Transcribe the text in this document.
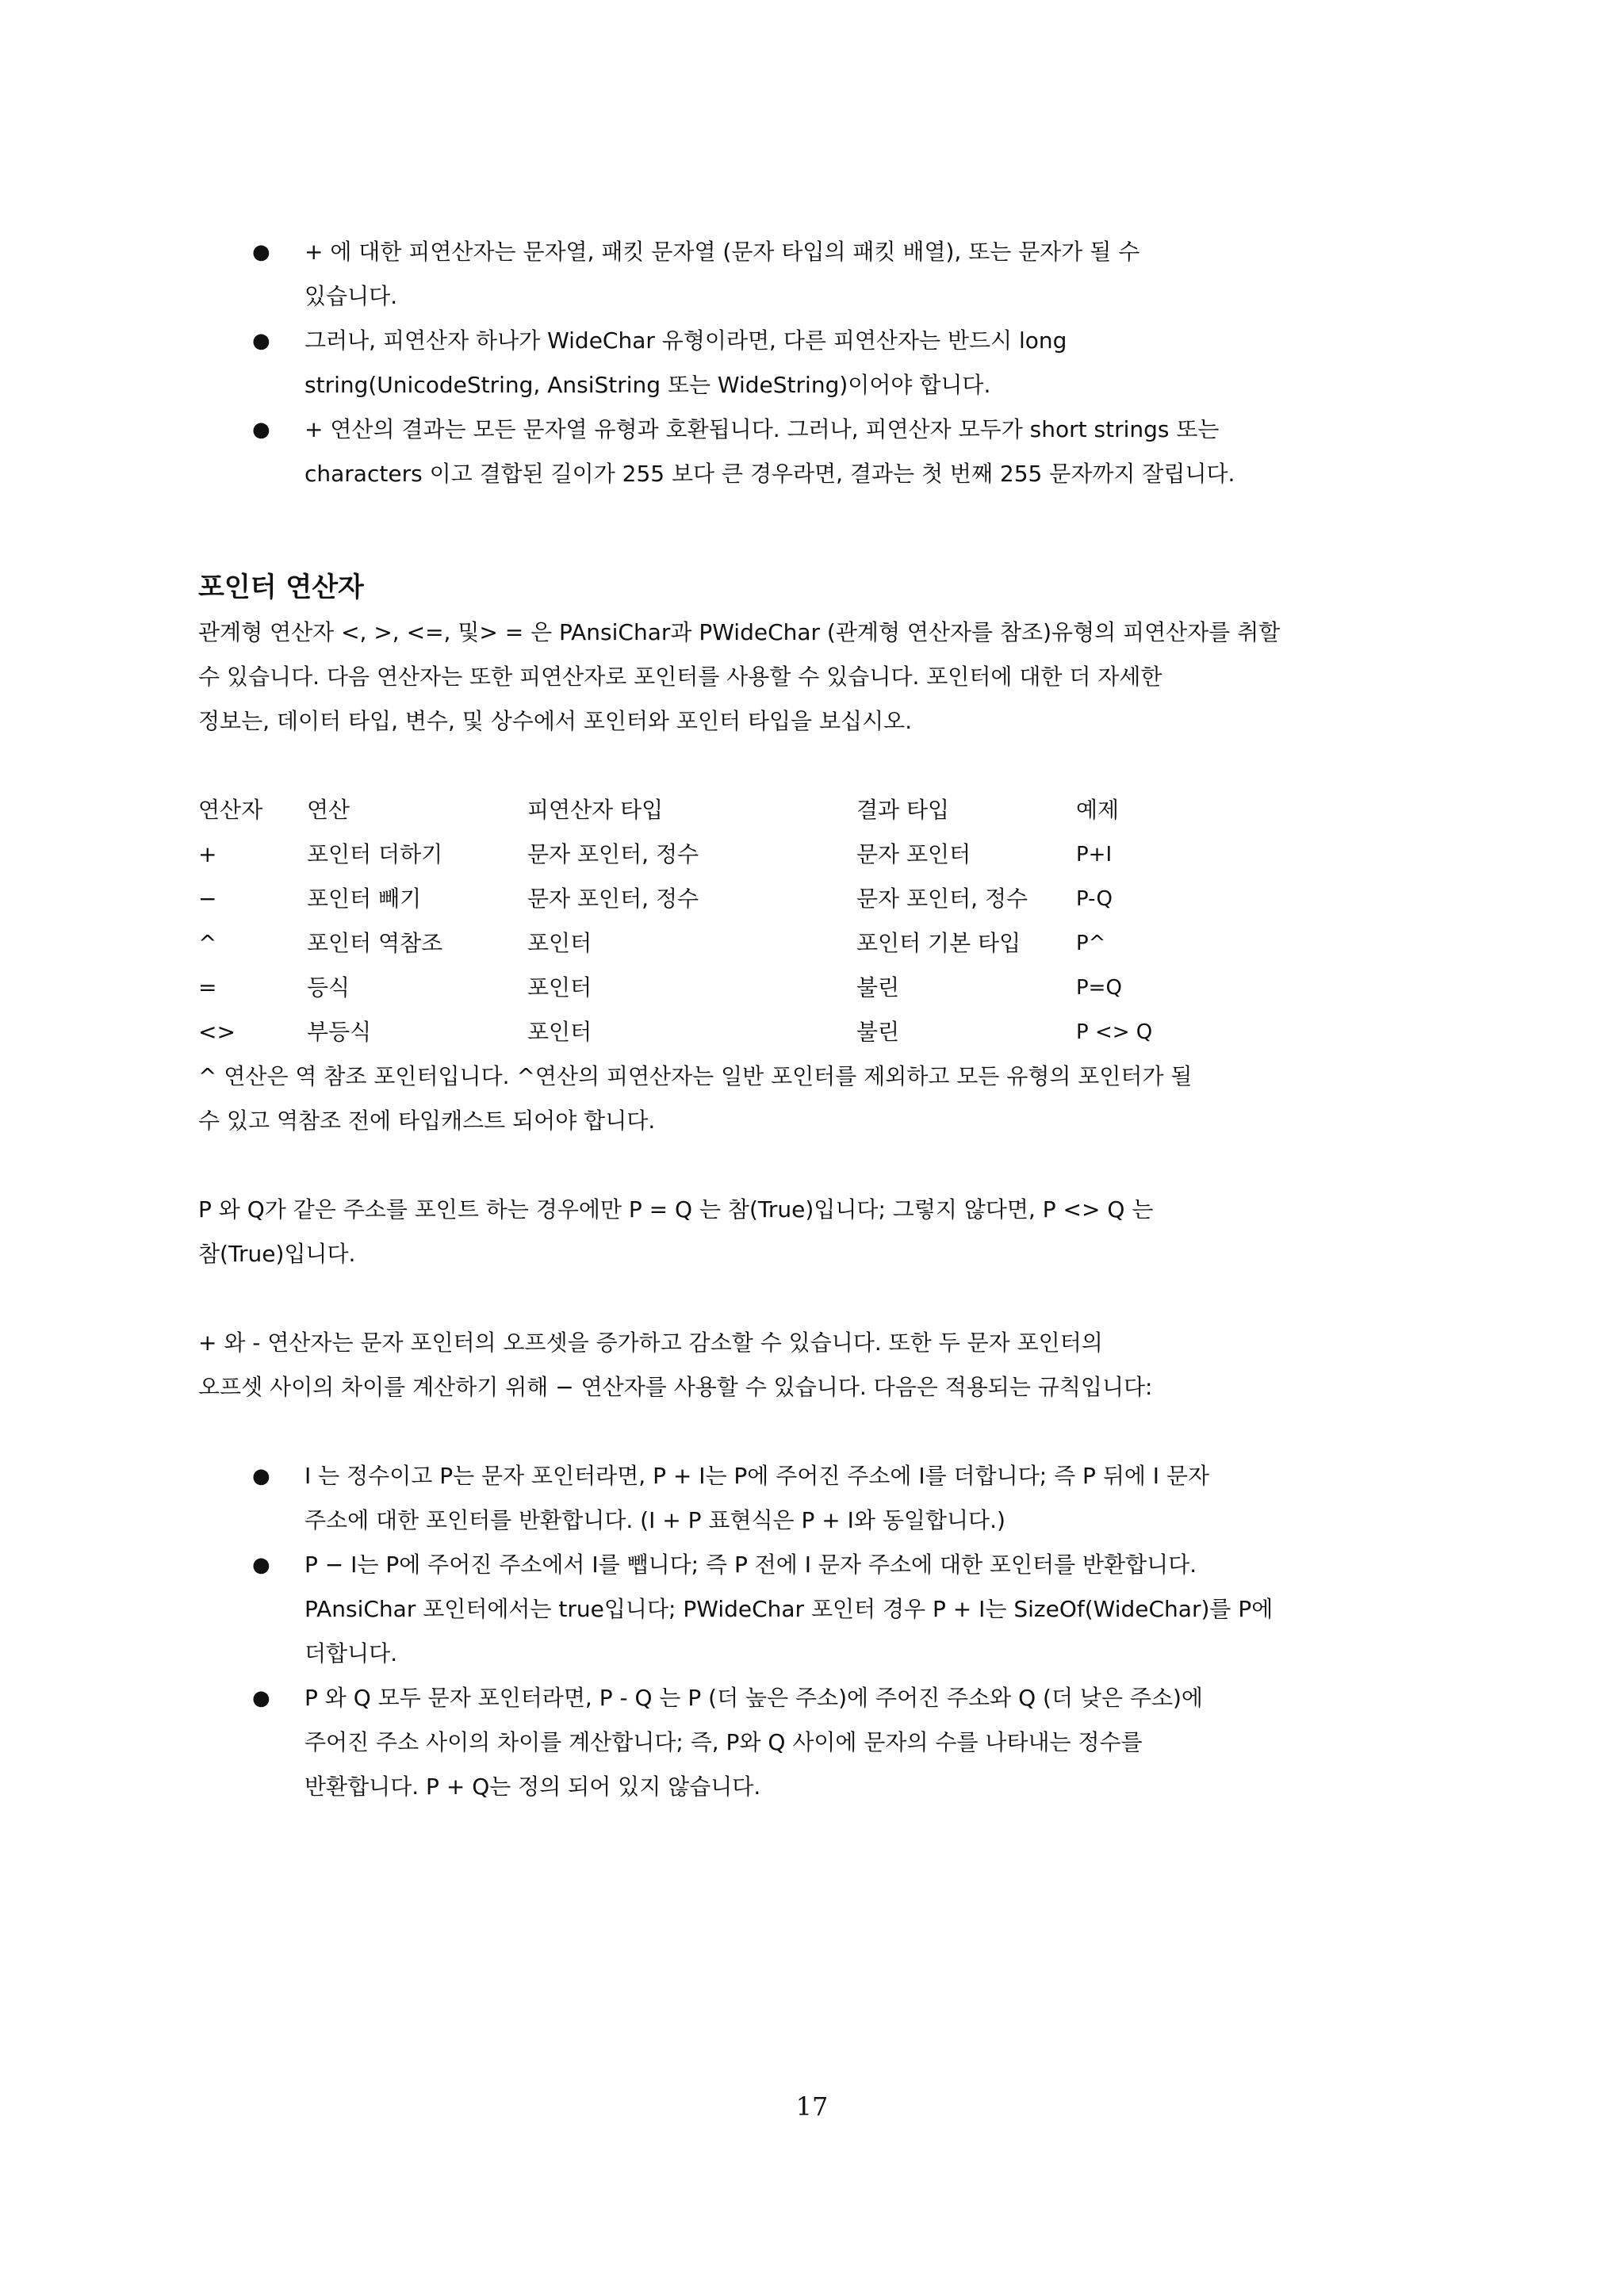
● + 에 대한 피연산자는 문자열, 패킷 문자열 (문자 타입의 패킷 배열), 또는 문자가 될 수

있습니다.

● 그러나, 피연산자 하나가 WideChar 유형이라면, 다른 피연산자는 반드시 long

string(UnicodeString, AnsiString 또는 WideString)이어야 합니다.

● + 연산의 결과는 모든 문자열 유형과 호환됩니다. 그러나, 피연산자 모두가 short strings 또는

characters 이고 결합된 길이가 255 보다 큰 경우라면, 결과는 첫 번째 255 문자까지 잘립니다.

포인터 연산자

관계형 연산자 <, >, <=, 및> = 은 PAnsiChar과 PWideChar (관계형 연산자를 참조)유형의 피연산자를 취할

수 있습니다. 다음 연산자는 또한 피연산자로 포인터를 사용할 수 있습니다. 포인터에 대한 더 자세한

정보는, 데이터 타입, 변수, 및 상수에서 포인터와 포인터 타입을 보십시오.

연산자	연산	피연산자 타입	결과 타입	예제
+	포인터 더하기	문자 포인터, 정수	문자 포인터	P+I
−	포인터 빼기	문자 포인터, 정수	문자 포인터, 정수	P-Q
^	포인터 역참조	포인터	포인터 기본 타입	P^
=	등식	포인터	불린	P=Q
<>	부등식	포인터	불린	P <> Q

^ 연산은 역 참조 포인터입니다. ^연산의 피연산자는 일반 포인터를 제외하고 모든 유형의 포인터가 될

수 있고 역참조 전에 타입캐스트 되어야 합니다.

P 와 Q가 같은 주소를 포인트 하는 경우에만 P = Q 는 참(True)입니다; 그렇지 않다면, P <> Q 는

참(True)입니다.

+ 와 - 연산자는 문자 포인터의 오프셋을 증가하고 감소할 수 있습니다. 또한 두 문자 포인터의

오프셋 사이의 차이를 계산하기 위해 − 연산자를 사용할 수 있습니다. 다음은 적용되는 규칙입니다:

● I 는 정수이고 P는 문자 포인터라면, P + I는 P에 주어진 주소에 I를 더합니다; 즉 P 뒤에 I 문자

주소에 대한 포인터를 반환합니다. (I + P 표현식은 P + I와 동일합니다.)

● P − I는 P에 주어진 주소에서 I를 뺍니다; 즉 P 전에 I 문자 주소에 대한 포인터를 반환합니다.

PAnsiChar 포인터에서는 true입니다; PWideChar 포인터 경우 P + I는 SizeOf(WideChar)를 P에

더합니다.

● P 와 Q 모두 문자 포인터라면, P - Q 는 P (더 높은 주소)에 주어진 주소와 Q (더 낮은 주소)에

주어진 주소 사이의 차이를 계산합니다; 즉, P와 Q 사이에 문자의 수를 나타내는 정수를

반환합니다. P + Q는 정의 되어 있지 않습니다.

17
